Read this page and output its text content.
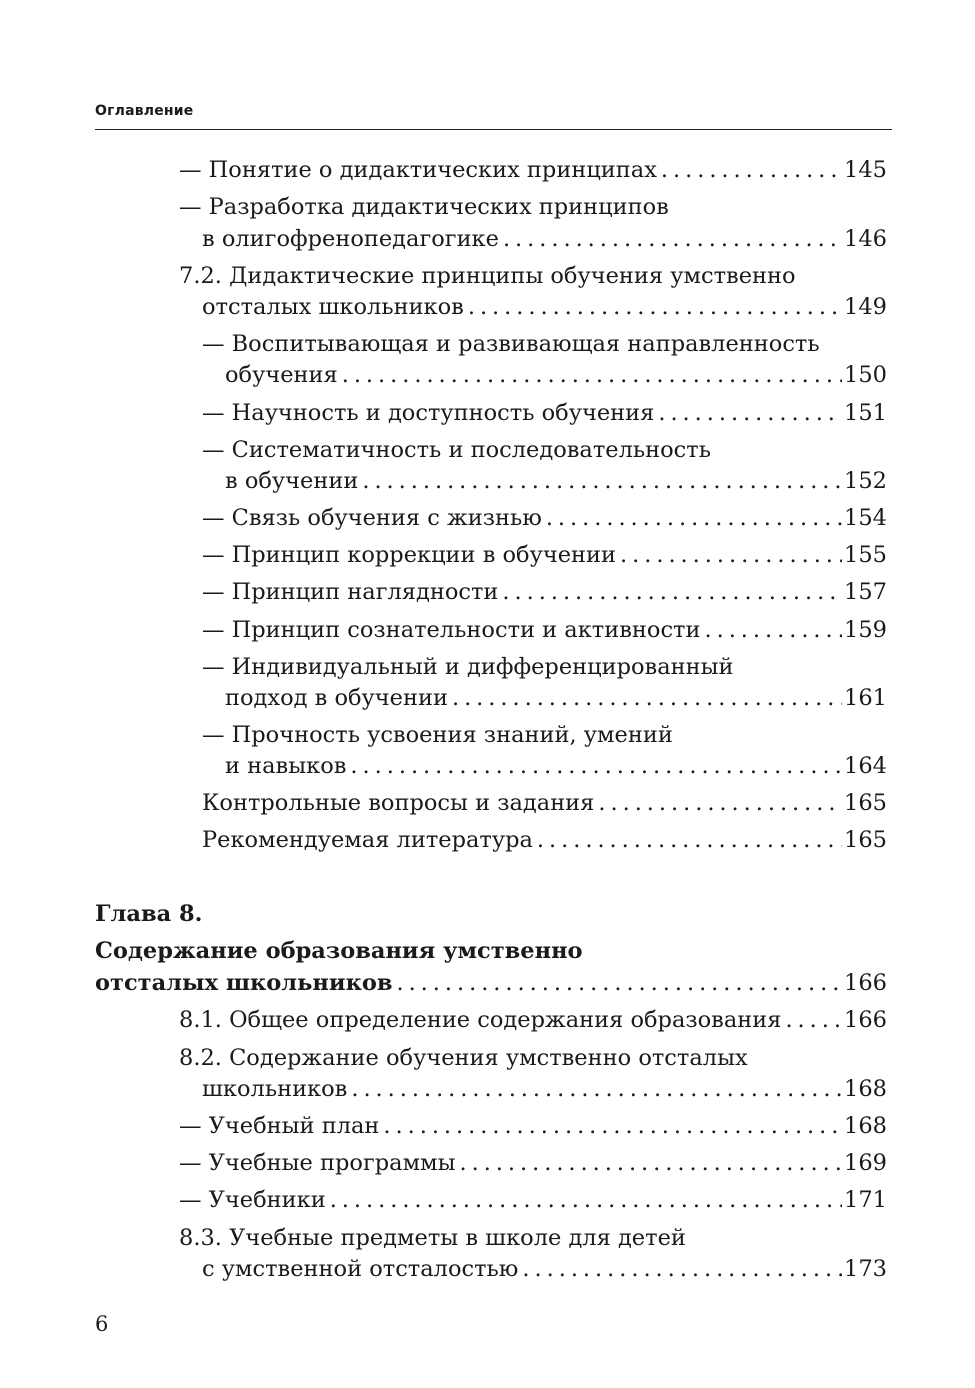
Оглавление
— Понятие о дидактических принципах . . .	145
— Разработка дидактических принципов
в олигофренопедагогике . . .	146
7.2. Дидактические принципы обучения умственно
отсталых школьников . . .	149
— Воспитывающая и развивающая направленность
обучения . . .	150
— Научность и доступность обучения . . .	151
— Систематичность и последовательность
в обучении . . .	152
— Связь обучения с жизнью . . .	154
— Принцип коррекции в обучении . . .	155
— Принцип наглядности . . .	157
— Принцип сознательности и активности . . .	159
— Индивидуальный и дифференцированный
подход в обучении . . .	161
— Прочность усвоения знаний, умений
и навыков . . .	164
Контрольные вопросы и задания . . .	165
Рекомендуемая литература . . .	165
Глава 8.
Содержание образования умственно
отсталых школьников . . .	166
8.1. Общее определение содержания образования . . .	166
8.2. Содержание обучения умственно отсталых
школьников . . .	168
— Учебный план . . .	168
— Учебные программы . . .	169
— Учебники . . .	171
8.3. Учебные предметы в школе для детей
с умственной отсталостью . . .	173
6
